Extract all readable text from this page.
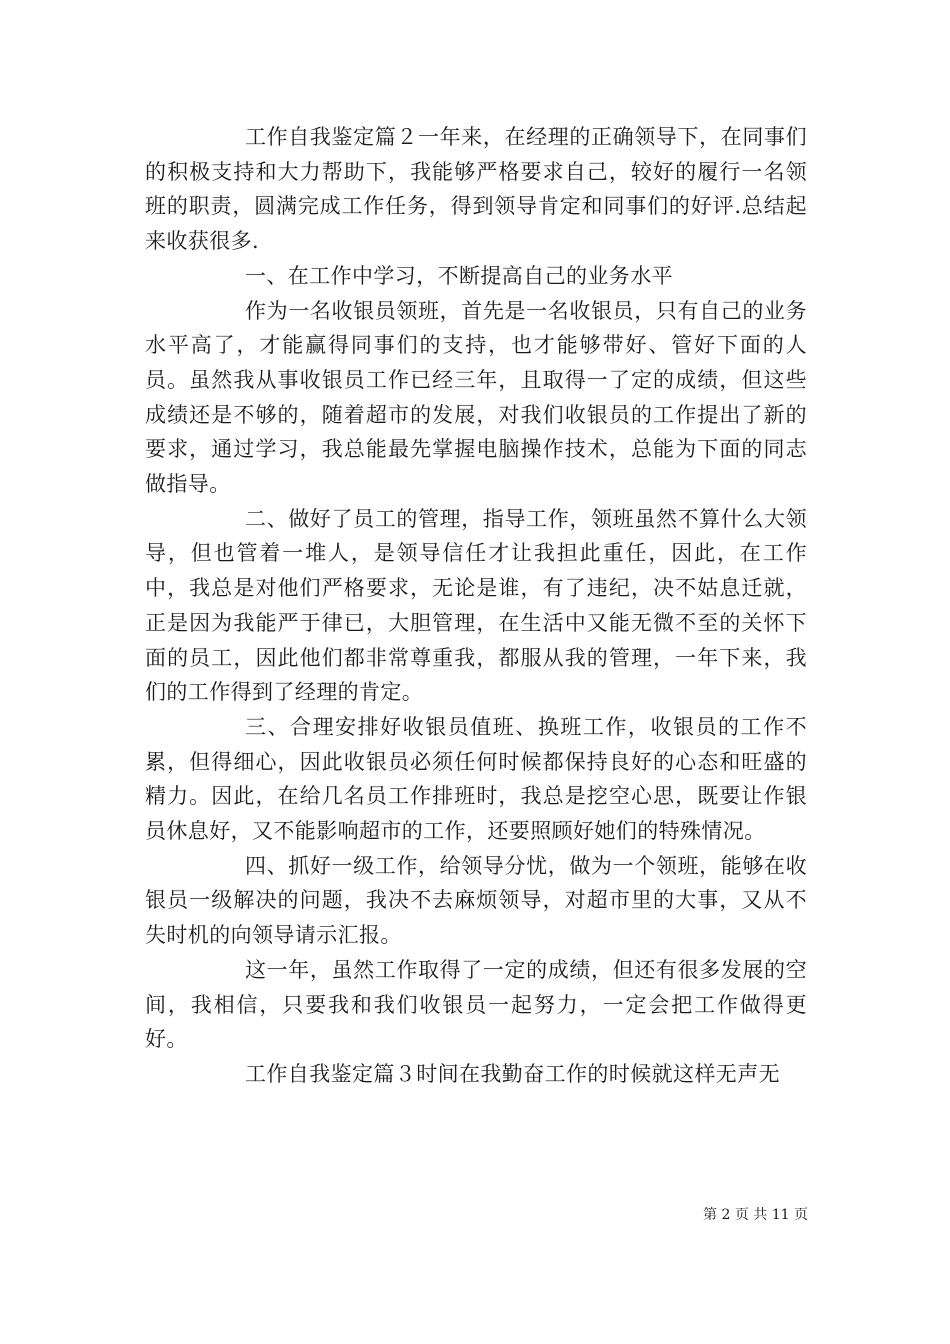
工作自我鉴定篇２一年来，在经理的正确领导下，在同事们的积极支持和大力帮助下，我能够严格要求自己，较好的履行一名领班的职责，圆满完成工作任务，得到领导肯定和同事们的好评.总结起来收获很多.

一、在工作中学习，不断提高自己的业务水平

作为一名收银员领班，首先是一名收银员，只有自己的业务水平高了，才能赢得同事们的支持，也才能够带好、管好下面的人员。虽然我从事收银员工作已经三年，且取得一了定的成绩，但这些成绩还是不够的，随着超市的发展，对我们收银员的工作提出了新的要求，通过学习，我总能最先掌握电脑操作技术，总能为下面的同志做指导。

二、做好了员工的管理，指导工作，领班虽然不算什么大领导，但也管着一堆人，是领导信任才让我担此重任，因此，在工作中，我总是对他们严格要求，无论是谁，有了违纪，决不姑息迁就，正是因为我能严于律已，大胆管理，在生活中又能无微不至的关怀下面的员工，因此他们都非常尊重我，都服从我的管理，一年下来，我们的工作得到了经理的肯定。

三、合理安排好收银员值班、换班工作，收银员的工作不累，但得细心，因此收银员必须任何时候都保持良好的心态和旺盛的精力。因此，在给几名员工作排班时，我总是挖空心思，既要让作银员休息好，又不能影响超市的工作，还要照顾好她们的特殊情况。

四、抓好一级工作，给领导分忧，做为一个领班，能够在收银员一级解决的问题，我决不去麻烦领导，对超市里的大事，又从不失时机的向领导请示汇报。

这一年，虽然工作取得了一定的成绩，但还有很多发展的空间，我相信，只要我和我们收银员一起努力，一定会把工作做得更好。

工作自我鉴定篇３时间在我勤奋工作的时候就这样无声无

第 2 页 共 11 页
